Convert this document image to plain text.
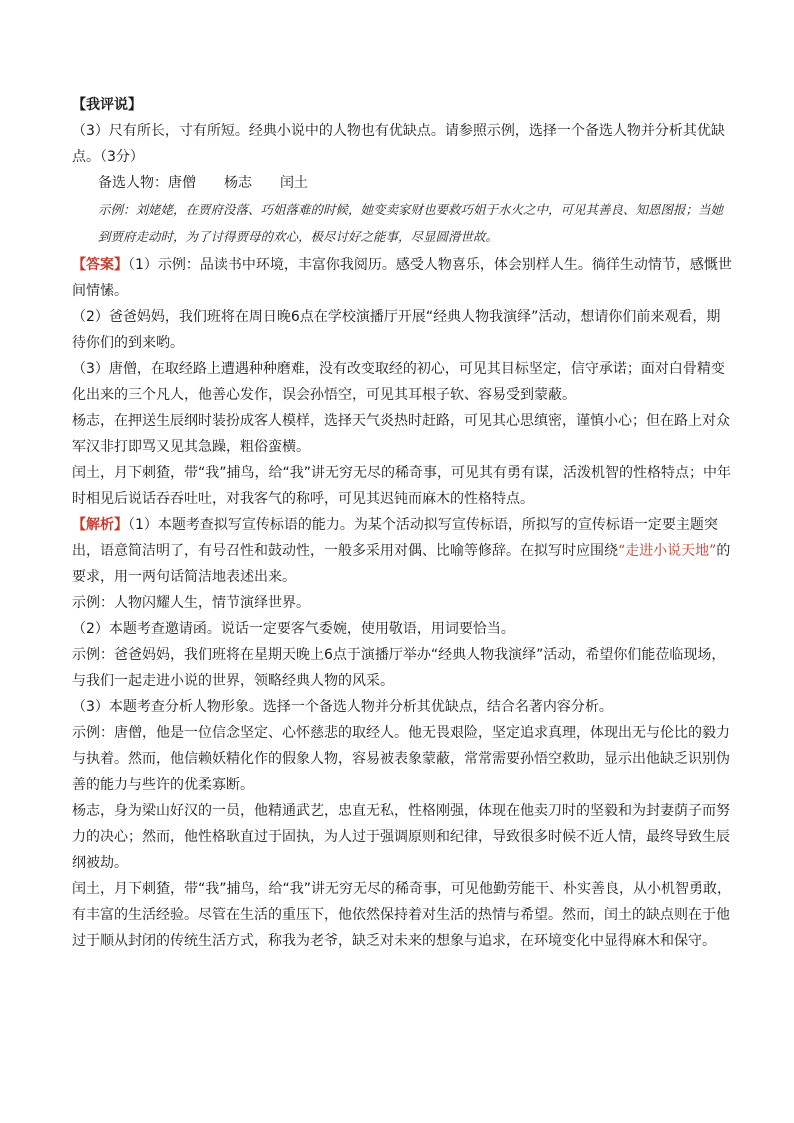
【我评说】

（3）尺有所长，寸有所短。经典小说中的人物也有优缺点。请参照示例，选择一个备选人物并分析其优缺点。（3分）

备选人物：唐僧 杨志 闰土

示例：刘姥姥，在贾府没落、巧姐落难的时候，她变卖家财也要救巧姐于水火之中，可见其善良、知恩图报；当她到贾府走动时，为了讨得贾母的欢心，极尽讨好之能事，尽显圆滑世故。

【答案】（1）示例：品读书中环境，丰富你我阅历。感受人物喜乐，体会别样人生。徜徉生动情节，感慨世间情愫。

（2）爸爸妈妈，我们班将在周日晚6点在学校演播厅开展“经典人物我演绎”活动，想请你们前来观看，期待你们的到来哟。

（3）唐僧，在取经路上遭遇种种磨难，没有改变取经的初心，可见其目标坚定，信守承诺；面对白骨精变化出来的三个凡人，他善心发作，误会孙悟空，可见其耳根子软、容易受到蒙蔽。

杨志，在押送生辰纲时装扮成客人模样，选择天气炎热时赶路，可见其心思缜密，谨慎小心；但在路上对众军汉非打即骂又见其急躁，粗俗蛮横。

闰土，月下刺猹，带“我”捕鸟，给“我”讲无穷无尽的稀奇事，可见其有勇有谋，活泼机智的性格特点；中年时相见后说话吞吞吐吐，对我客气的称呼，可见其迟钝而麻木的性格特点。

【解析】（1）本题考查拟写宣传标语的能力。为某个活动拟写宣传标语，所拟写的宣传标语一定要主题突出，语意简洁明了，有号召性和鼓动性，一般多采用对偶、比喻等修辞。在拟写时应围绕“走进小说天地”的要求，用一两句话简洁地表述出来。

示例：人物闪耀人生，情节演绎世界。

（2）本题考查邀请函。说话一定要客气委婉，使用敬语，用词要恰当。

示例：爸爸妈妈，我们班将在星期天晚上6点于演播厅举办“经典人物我演绎”活动，希望你们能莅临现场，与我们一起走进小说的世界，领略经典人物的风采。

（3）本题考查分析人物形象。选择一个备选人物并分析其优缺点，结合名著内容分析。

示例：唐僧，他是一位信念坚定、心怀慈悲的取经人。他无畏艰险，坚定追求真理，体现出无与伦比的毅力与执着。然而，他信赖妖精化作的假象人物，容易被表象蒙蔽，常常需要孙悟空救助，显示出他缺乏识别伪善的能力与些许的优柔寡断。

杨志，身为梁山好汉的一员，他精通武艺，忠直无私，性格刚强，体现在他卖刀时的坚毅和为封妻荫子而努力的决心；然而，他性格耿直过于固执，为人过于强调原则和纪律，导致很多时候不近人情，最终导致生辰纲被劫。

闰土，月下刺猹，带“我”捕鸟，给“我”讲无穷无尽的稀奇事，可见他勤劳能干、朴实善良，从小机智勇敢，有丰富的生活经验。尽管在生活的重压下，他依然保持着对生活的热情与希望。然而，闰土的缺点则在于他过于顺从封闭的传统生活方式，称我为老爷，缺乏对未来的想象与追求，在环境变化中显得麻木和保守。
